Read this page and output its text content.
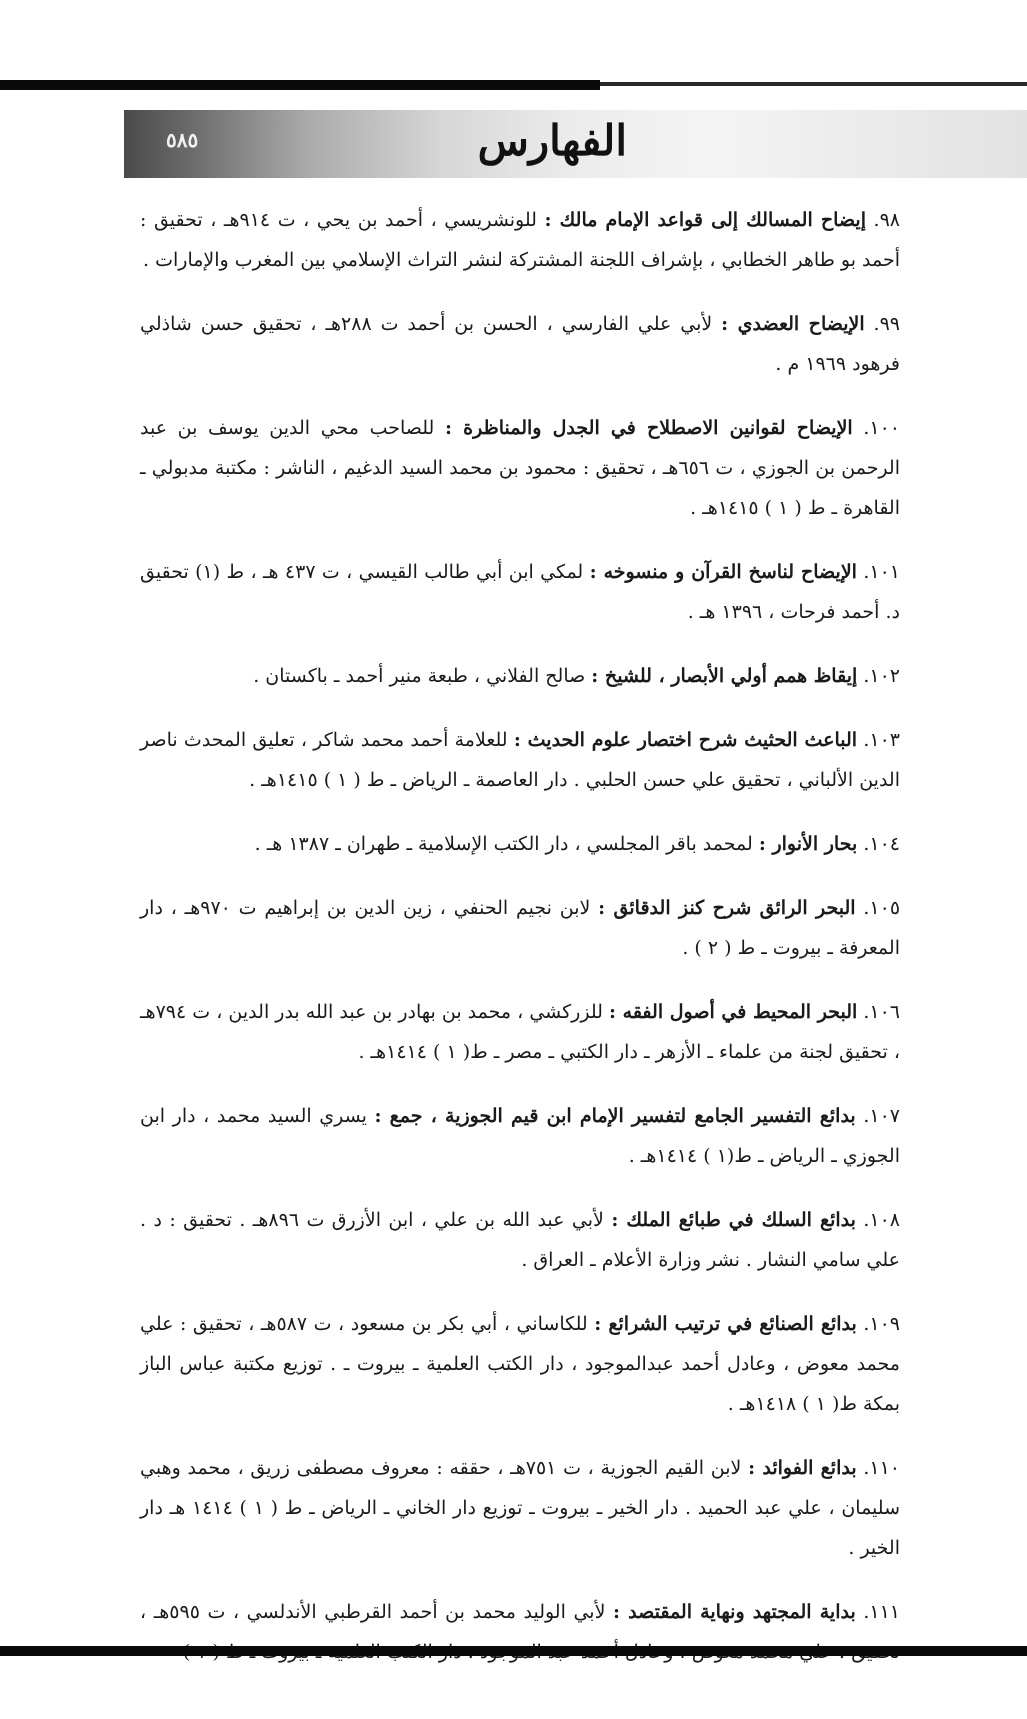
الفهارس
٥٨٥
٩٨. إيضاح المسالك إلى قواعد الإمام مالك : للونشريسي ، أحمد بن يحي ، ت ٩١٤هـ ، تحقيق : أحمد بو طاهر الخطابي ، بإشراف اللجنة المشتركة لنشر التراث الإسلامي بين المغرب والإمارات .
٩٩. الإيضاح العضدي : لأبي علي الفارسي ، الحسن بن أحمد ت ٢٨٨هـ ، تحقيق حسن شاذلي فرهود ١٩٦٩ م .
١٠٠. الإيضاح لقوانين الاصطلاح في الجدل والمناظرة : للصاحب محي الدين يوسف بن عبد الرحمن بن الجوزي ، ت ٦٥٦هـ ، تحقيق : محمود بن محمد السيد الدغيم ، الناشر : مكتبة مدبولي ـ القاهرة ـ ط ( ١ ) ١٤١٥هـ .
١٠١. الإيضاح لناسخ القرآن و منسوخه : لمكي ابن أبي طالب القيسي ، ت ٤٣٧ هـ ، ط (١) تحقيق د. أحمد فرحات ، ١٣٩٦ هـ .
١٠٢. إيقاظ همم أولي الأبصار ، للشيخ : صالح الفلاني ، طبعة منير أحمد ـ باكستان .
١٠٣. الباعث الحثيث شرح اختصار علوم الحديث : للعلامة أحمد محمد شاكر ، تعليق المحدث ناصر الدين الألباني ، تحقيق علي حسن الحلبي . دار العاصمة ـ الرياض ـ ط ( ١ ) ١٤١٥هـ .
١٠٤. بحار الأنوار : لمحمد باقر المجلسي ، دار الكتب الإسلامية ـ طهران ـ ١٣٨٧ هـ .
١٠٥. البحر الرائق شرح كنز الدقائق : لابن نجيم الحنفي ، زين الدين بن إبراهيم ت ٩٧٠هـ ، دار المعرفة ـ بيروت ـ ط ( ٢ ) .
١٠٦. البحر المحيط في أصول الفقه : للزركشي ، محمد بن بهادر بن عبد الله بدر الدين ، ت ٧٩٤هـ ، تحقيق لجنة من علماء ـ الأزهر ـ دار الكتبي ـ مصر ـ ط( ١ ) ١٤١٤هـ .
١٠٧. بدائع التفسير الجامع لتفسير الإمام ابن قيم الجوزية ، جمع : يسري السيد محمد ، دار ابن الجوزي ـ الرياض ـ ط(١ ) ١٤١٤هـ .
١٠٨. بدائع السلك في طبائع الملك : لأبي عبد الله بن علي ، ابن الأزرق ت ٨٩٦هـ . تحقيق : د . علي سامي النشار . نشر وزارة الأعلام ـ العراق .
١٠٩. بدائع الصنائع في ترتيب الشرائع : للكاساني ، أبي بكر بن مسعود ، ت ٥٨٧هـ ، تحقيق : علي محمد معوض ، وعادل أحمد عبدالموجود ، دار الكتب العلمية ـ بيروت ـ . توزيع مكتبة عباس الباز بمكة ط( ١ ) ١٤١٨هـ .
١١٠. بدائع الفوائد : لابن القيم الجوزية ، ت ٧٥١هـ ، حققه : معروف مصطفى زريق ، محمد وهبي سليمان ، علي عبد الحميد . دار الخير ـ بيروت ـ توزيع دار الخاني ـ الرياض ـ ط ( ١ ) ١٤١٤ هـ دار الخير .
١١١. بداية المجتهد ونهاية المقتصد : لأبي الوليد محمد بن أحمد القرطبي الأندلسي ، ت ٥٩٥هـ ،
